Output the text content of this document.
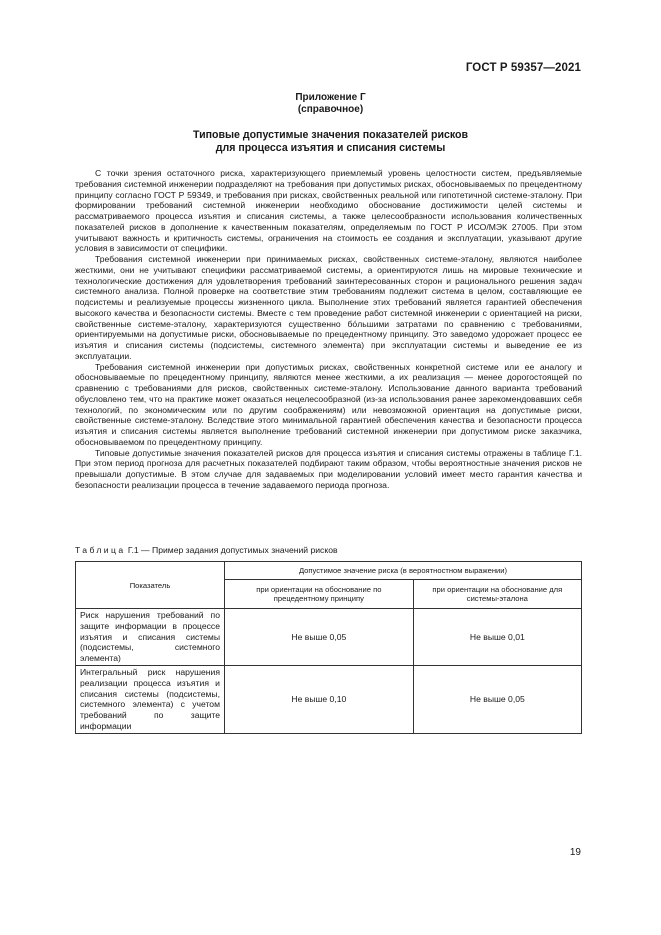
ГОСТ Р 59357—2021
Приложение Г
(справочное)
Типовые допустимые значения показателей рисков
для процесса изъятия и списания системы

С точки зрения остаточного риска, характеризующего приемлемый уровень целостности систем, предъявляемые требования системной инженерии подразделяют на требования при допустимых рисках, обосновываемых по прецедентному принципу согласно ГОСТ Р 59349, и требования при рисках, свойственных реальной или гипотетичной системе-эталону. При формировании требований системной инженерии необходимо обоснование достижимости целей системы и рассматриваемого процесса изъятия и списания системы, а также целесообразности использования количественных показателей рисков в дополнение к качественным показателям, определяемым по ГОСТ Р ИСО/МЭК 27005. При этом учитывают важность и критичность системы, ограничения на стоимость ее создания и эксплуатации, указывают другие условия в зависимости от специфики.

Требования системной инженерии при принимаемых рисках, свойственных системе-эталону, являются наиболее жесткими, они не учитывают специфики рассматриваемой системы, а ориентируются лишь на мировые технические и технологические достижения для удовлетворения требований заинтересованных сторон и рационального решения задач системного анализа. Полной проверке на соответствие этим требованиям подлежит система в целом, составляющие ее подсистемы и реализуемые процессы жизненного цикла. Выполнение этих требований является гарантией обеспечения высокого качества и безопасности системы. Вместе с тем проведение работ системной инженерии с ориентацией на риски, свойственные системе-эталону, характеризуются существенно бо́льшими затратами по сравнению с требованиями, ориентируемыми на допустимые риски, обосновываемые по прецедентному принципу. Это заведомо удорожает процесс ее изъятия и списания системы (подсистемы, системного элемента) при эксплуатации системы и выведение ее из эксплуатации.

Требования системной инженерии при допустимых рисках, свойственных конкретной системе или ее аналогу и обосновываемые по прецедентному принципу, являются менее жесткими, а их реализация — менее дорогостоящей по сравнению с требованиями для рисков, свойственных системе-эталону. Использование данного варианта требований обусловлено тем, что на практике может оказаться нецелесообразной (из-за использования ранее зарекомендовавших себя технологий, по экономическим или по другим соображениям) или невозможной ориентация на допустимые риски, свойственные системе-эталону. Вследствие этого минимальной гарантией обеспечения качества и безопасности процесса изъятия и списания системы является выполнение требований системной инженерии при допустимом риске заказчика, обосновываемом по прецедентному принципу.

Типовые допустимые значения показателей рисков для процесса изъятия и списания системы отражены в таблице Г.1. При этом период прогноза для расчетных показателей подбирают таким образом, чтобы вероятностные значения рисков не превышали допустимые. В этом случае для задаваемых при моделировании условий имеет место гарантия качества и безопасности реализации процесса в течение задаваемого периода прогноза.

Таблица Г.1 — Пример задания допустимых значений рисков
Показатель	Допустимое значение риска (в вероятностном выражении)	
	при ориентации на обоснование по прецедентному принципу	при ориентации на обоснование для системы-эталона
Риск нарушения требований по защите информации в процессе изъятия и списания системы (подсистемы, системного элемента)	Не выше 0,05	Не выше 0,01
Интегральный риск нарушения реализации процесса изъятия и списания системы (подсистемы, системного элемента) с учетом требований по защите информации	Не выше 0,10	Не выше 0,05
19
